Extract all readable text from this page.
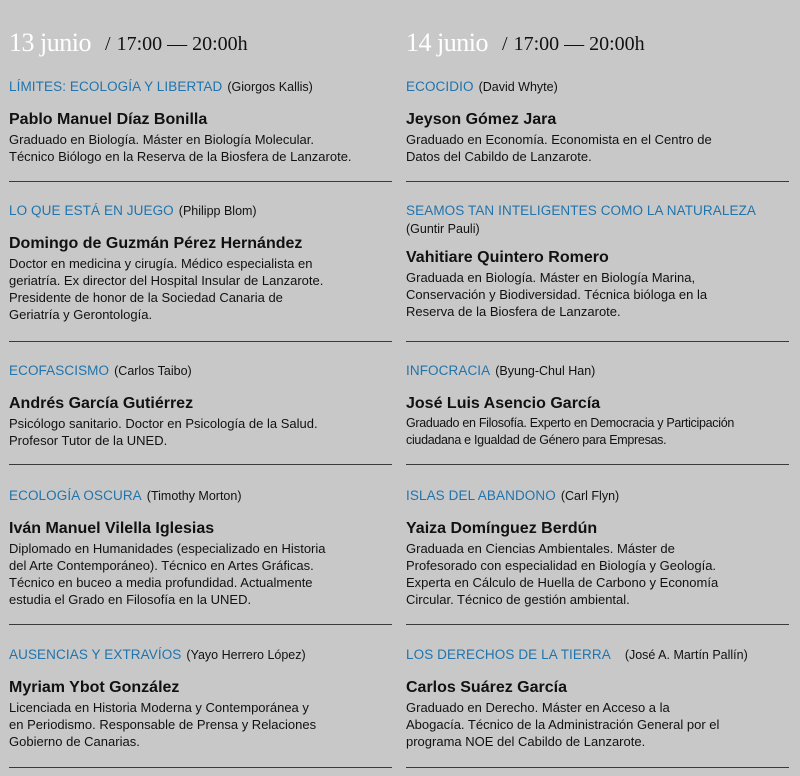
13 junio / 17:00 — 20:00h
LÍMITES: ECOLOGÍA Y LIBERTAD (Giorgos Kallis)
Pablo Manuel Díaz Bonilla
Graduado en Biología. Máster en Biología Molecular.
Técnico Biólogo en la Reserva de la Biosfera de Lanzarote.
LO QUE ESTÁ EN JUEGO (Philipp Blom)
Domingo de Guzmán Pérez Hernández
Doctor en medicina y cirugía. Médico especialista en
geriatría. Ex director del Hospital Insular de Lanzarote.
Presidente de honor de la Sociedad Canaria de
Geriatría y Gerontología.
ECOFASCISMO (Carlos Taibo)
Andrés García Gutiérrez
Psicólogo sanitario. Doctor en Psicología de la Salud.
Profesor Tutor de la UNED.
ECOLOGÍA OSCURA (Timothy Morton)
Iván Manuel Vilella Iglesias
Diplomado en Humanidades (especializado en Historia
del Arte Contemporáneo). Técnico en Artes Gráficas.
Técnico en buceo a media profundidad. Actualmente
estudia el Grado en Filosofía en la UNED.
AUSENCIAS Y EXTRAVÍOS (Yayo Herrero López)
Myriam Ybot González
Licenciada en Historia Moderna y Contemporánea y
en Periodismo. Responsable de Prensa y Relaciones
Gobierno de Canarias.
14 junio / 17:00 — 20:00h
ECOCIDIO (David Whyte)
Jeyson Gómez Jara
Graduado en Economía. Economista en el Centro de
Datos del Cabildo de Lanzarote.
SEAMOS TAN INTELIGENTES COMO LA NATURALEZA
(Guntir Pauli)
Vahitiare Quintero Romero
Graduada en Biología. Máster en Biología Marina,
Conservación y Biodiversidad. Técnica bióloga en la
Reserva de la Biosfera de Lanzarote.
INFOCRACIA (Byung-Chul Han)
José Luis Asencio García
Graduado en Filosofía. Experto en Democracia y Participación
ciudadana e Igualdad de Género para Empresas.
ISLAS DEL ABANDONO (Carl Flyn)
Yaiza Domínguez Berdún
Graduada en Ciencias Ambientales. Máster de
Profesorado con especialidad en Biología y Geología.
Experta en Cálculo de Huella de Carbono y Economía
Circular. Técnico de gestión ambiental.
LOS DERECHOS DE LA TIERRA (José A. Martín Pallín)
Carlos Suárez García
Graduado en Derecho. Máster en Acceso a la
Abogacía. Técnico de la Administración General por el
programa NOE del Cabildo de Lanzarote.
